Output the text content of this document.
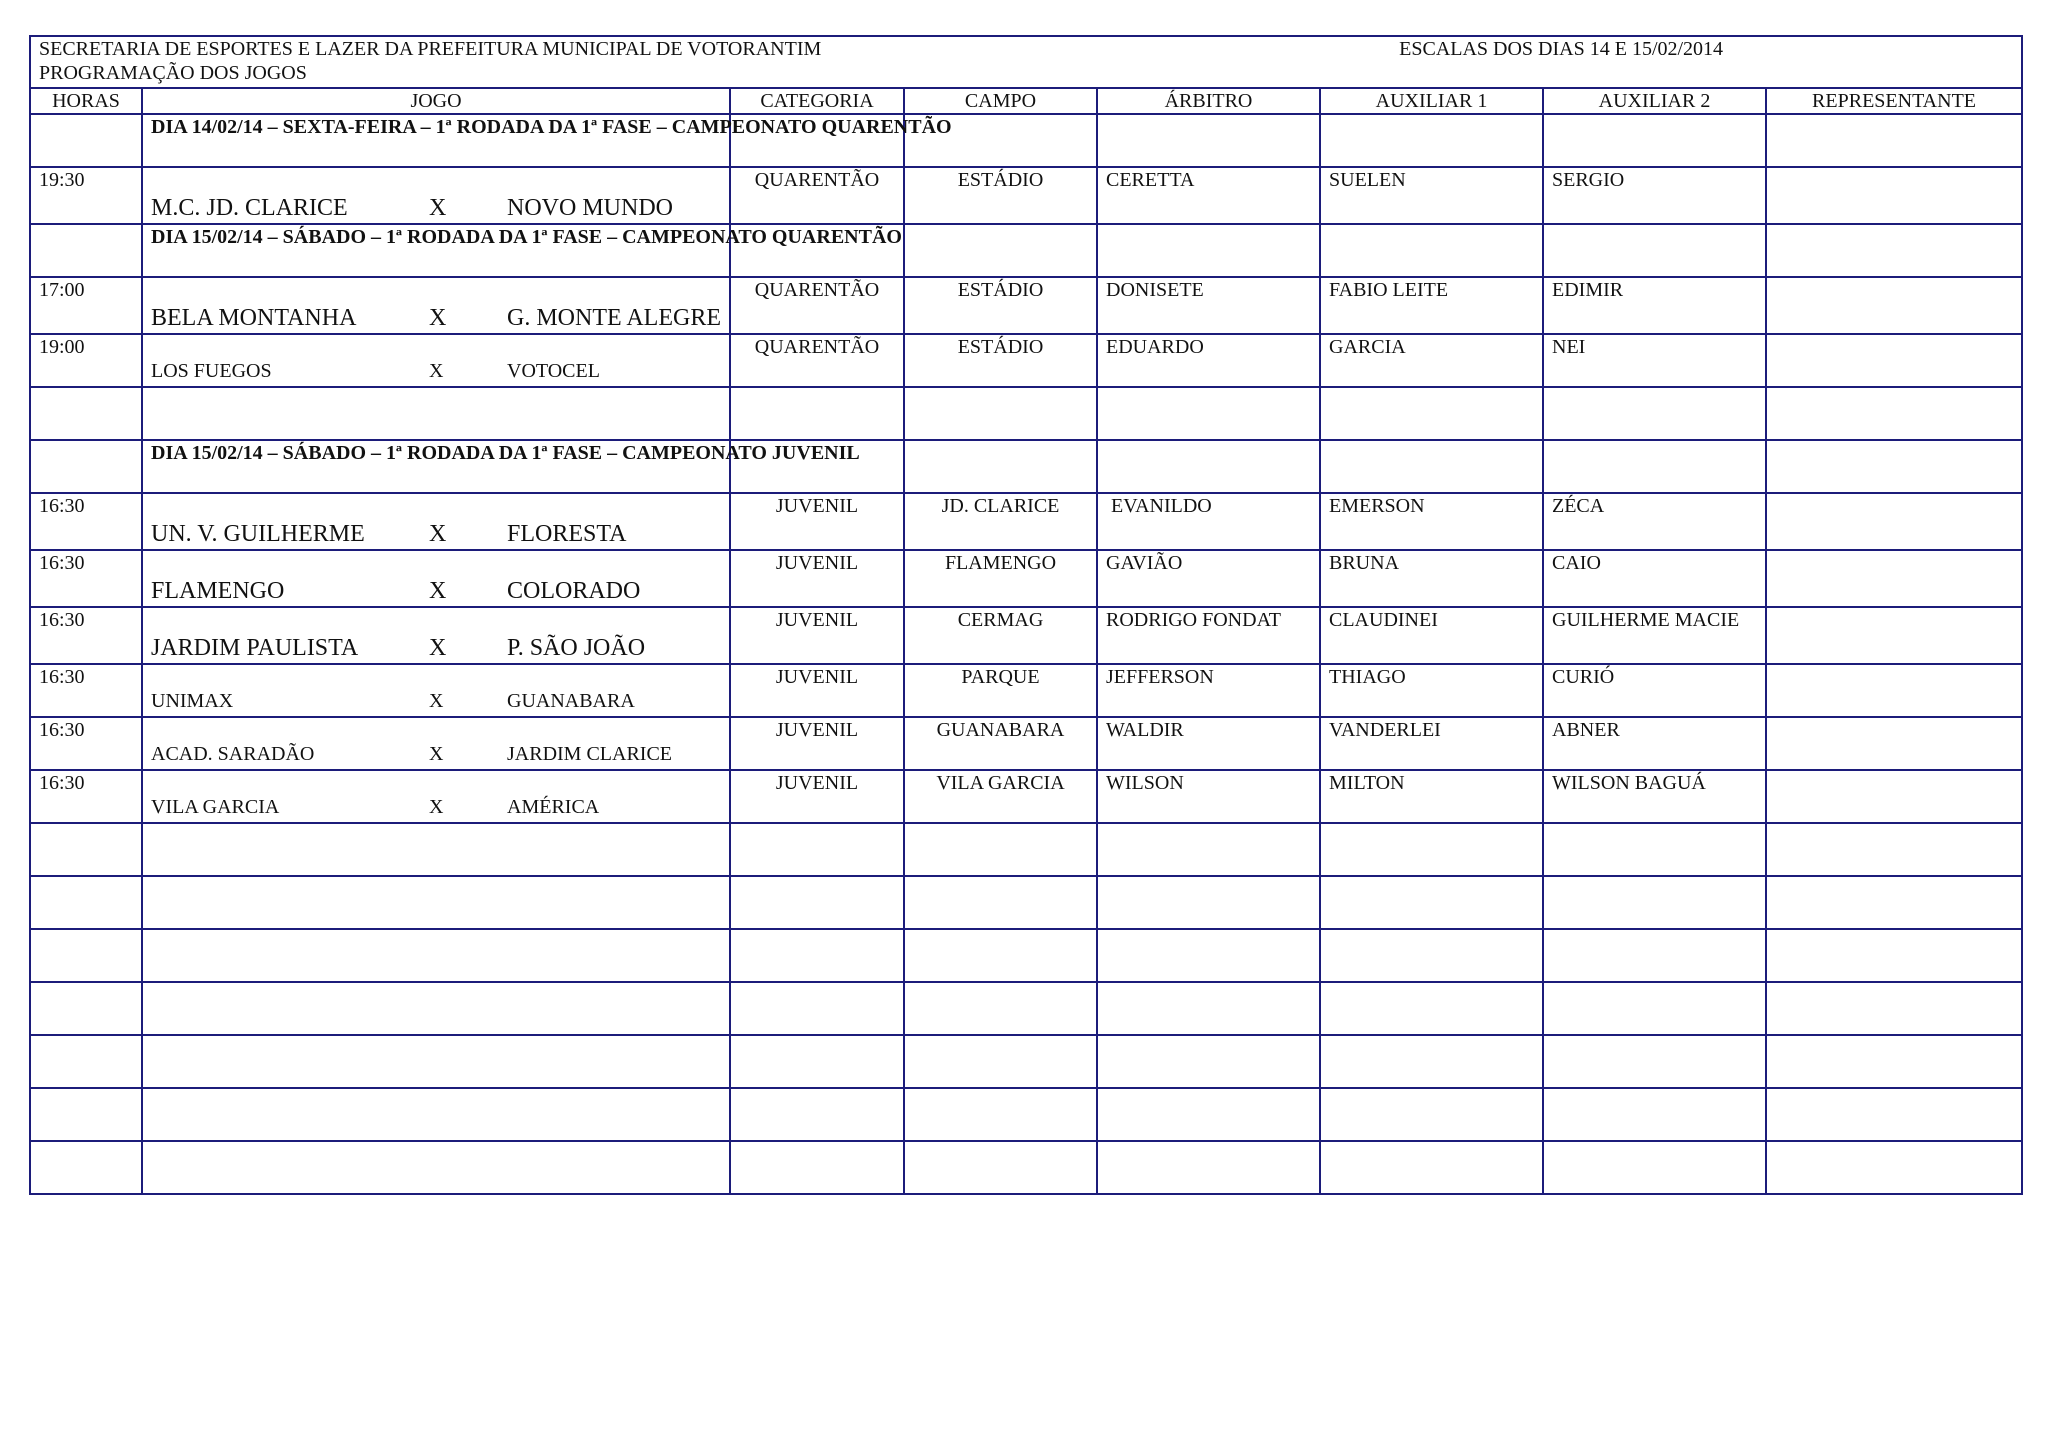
SECRETARIA DE ESPORTES E LAZER DA PREFEITURA MUNICIPAL DE VOTORANTIM ESCALAS DOS DIAS 14 E 15/02/2014
PROGRAMAÇÃO DOS JOGOS							

HORAS	JOGO	CATEGORIA	CAMPO	ÁRBITRO	AUXILIAR 1	AUXILIAR 2	REPRESENTANTE
	DIA 14/02/14 – SEXTA-FEIRA – 1ª RODADA DA 1ª FASE – CAMPEONATO QUARENTÃO						
19:30	M.C. JD. CLARICE X NOVO MUNDO	QUARENTÃO	ESTÁDIO	CERETTA	SUELEN	SERGIO	
	DIA 15/02/14 – SÁBADO – 1ª RODADA DA 1ª FASE – CAMPEONATO QUARENTÃO						
17:00	BELA MONTANHA X G. MONTE ALEGRE	QUARENTÃO	ESTÁDIO	DONISETE	FABIO LEITE	EDIMIR	
19:00	LOS FUEGOS X VOTOCEL	QUARENTÃO	ESTÁDIO	EDUARDO	GARCIA	NEI	

	DIA 15/02/14 – SÁBADO – 1ª RODADA DA 1ª FASE – CAMPEONATO JUVENIL						
16:30	UN. V. GUILHERME X FLORESTA	JUVENIL	JD. CLARICE	EVANILDO	EMERSON	ZÉCA	
16:30	FLAMENGO X COLORADO	JUVENIL	FLAMENGO	GAVIÃO	BRUNA	CAIO	
16:30	JARDIM PAULISTA X P. SÃO JOÃO	JUVENIL	CERMAG	RODRIGO FONDAT	CLAUDINEI	GUILHERME MACIE	
16:30	UNIMAX X GUANABARA	JUVENIL	PARQUE	JEFFERSON	THIAGO	CURIÓ	
16:30	ACAD. SARADÃO X JARDIM CLARICE	JUVENIL	GUANABARA	WALDIR	VANDERLEI	ABNER	
16:30	VILA GARCIA X AMÉRICA	JUVENIL	VILA GARCIA	WILSON	MILTON	WILSON BAGUÁ	
